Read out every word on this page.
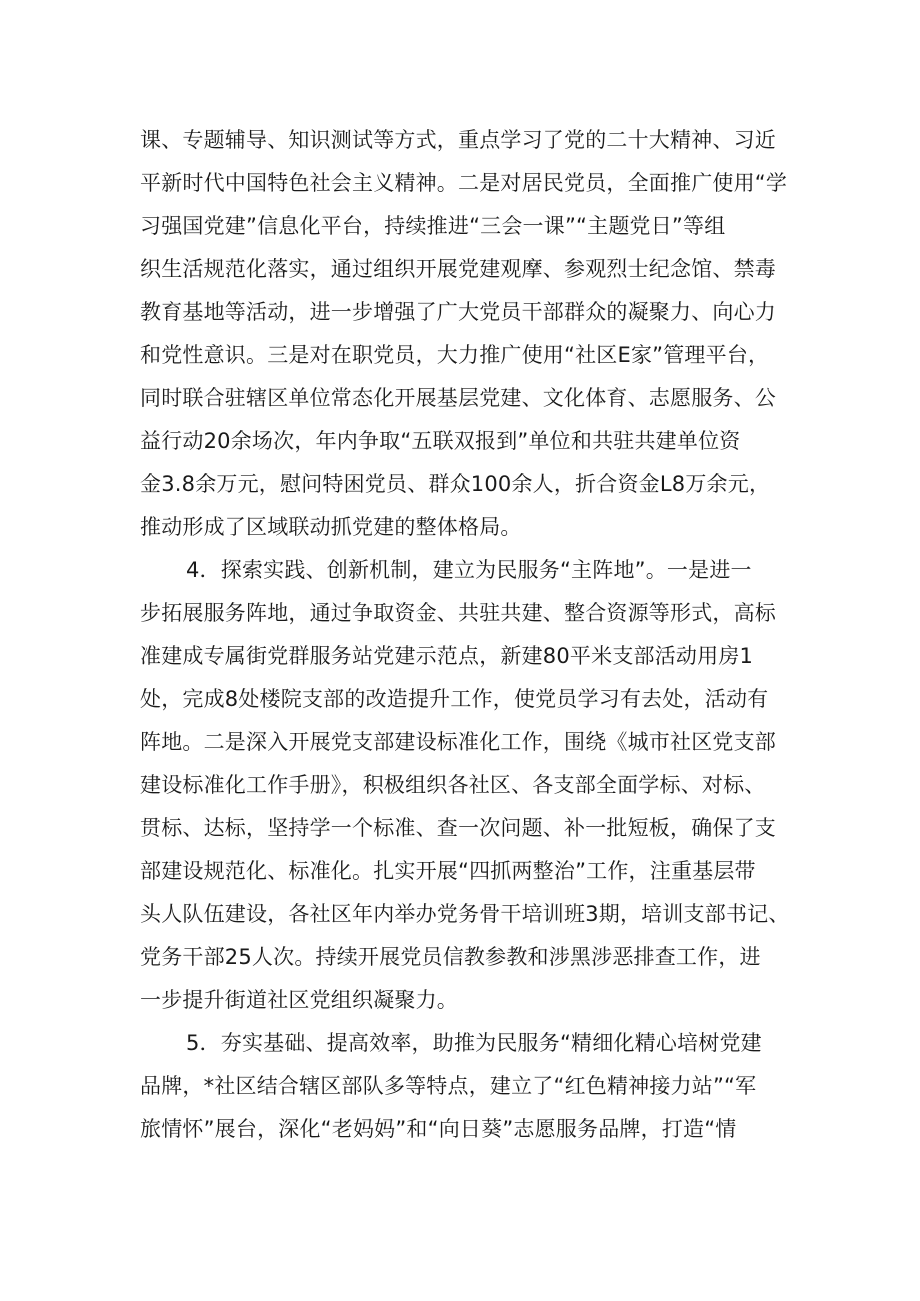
课、专题辅导、知识测试等方式，重点学习了党的二十大精神、习近
平新时代中国特色社会主义精神。二是对居民党员，全面推广使用“学
习强国党建”信息化平台，持续推进“三会一课”“主题党日”等组
织生活规范化落实，通过组织开展党建观摩、参观烈士纪念馆、禁毒
教育基地等活动，进一步增强了广大党员干部群众的凝聚力、向心力
和党性意识。三是对在职党员，大力推广使用“社区E家”管理平台，
同时联合驻辖区单位常态化开展基层党建、文化体育、志愿服务、公
益行动20余场次，年内争取“五联双报到”单位和共驻共建单位资
金3.8余万元，慰问特困党员、群众100余人，折合资金L8万余元，
推动形成了区域联动抓党建的整体格局。
4．探索实践、创新机制，建立为民服务“主阵地”。一是进一
步拓展服务阵地，通过争取资金、共驻共建、整合资源等形式，高标
准建成专属街党群服务站党建示范点，新建80平米支部活动用房1
处，完成8处楼院支部的改造提升工作，使党员学习有去处，活动有
阵地。二是深入开展党支部建设标准化工作，围绕《城市社区党支部
建设标准化工作手册》，积极组织各社区、各支部全面学标、对标、
贯标、达标，坚持学一个标准、查一次问题、补一批短板，确保了支
部建设规范化、标准化。扎实开展“四抓两整治”工作，注重基层带
头人队伍建设，各社区年内举办党务骨干培训班3期，培训支部书记、
党务干部25人次。持续开展党员信教参教和涉黑涉恶排查工作，进
一步提升街道社区党组织凝聚力。
5．夯实基础、提高效率，助推为民服务“精细化精心培树党建
品牌，*社区结合辖区部队多等特点，建立了“红色精神接力站”“军
旅情怀”展台，深化“老妈妈”和“向日葵”志愿服务品牌，打造“情
